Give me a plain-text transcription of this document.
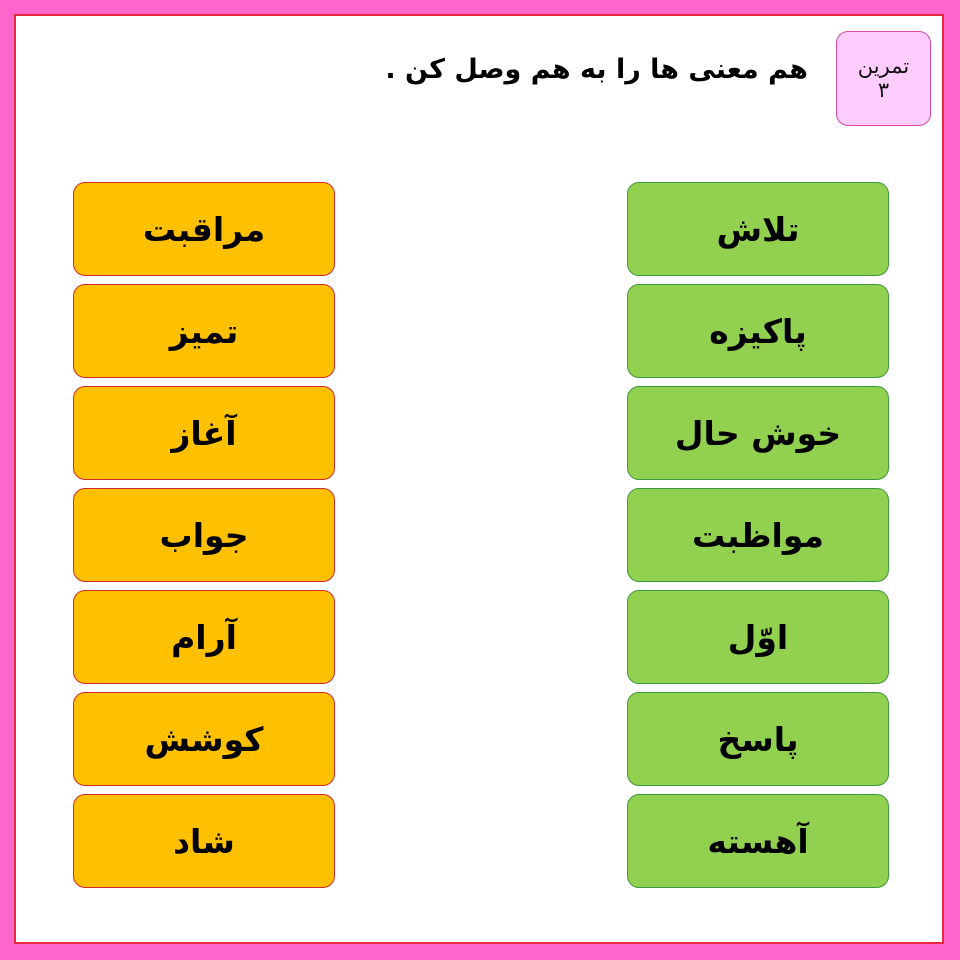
تمرین
۳
هم معنی ها را به هم وصل کن .
مراقبت
تمیز
آغاز
جواب
آرام
کوشش
شاد
تلاش
پاکیزه
خوش حال
مواظبت
اوّل
پاسخ
آهسته
